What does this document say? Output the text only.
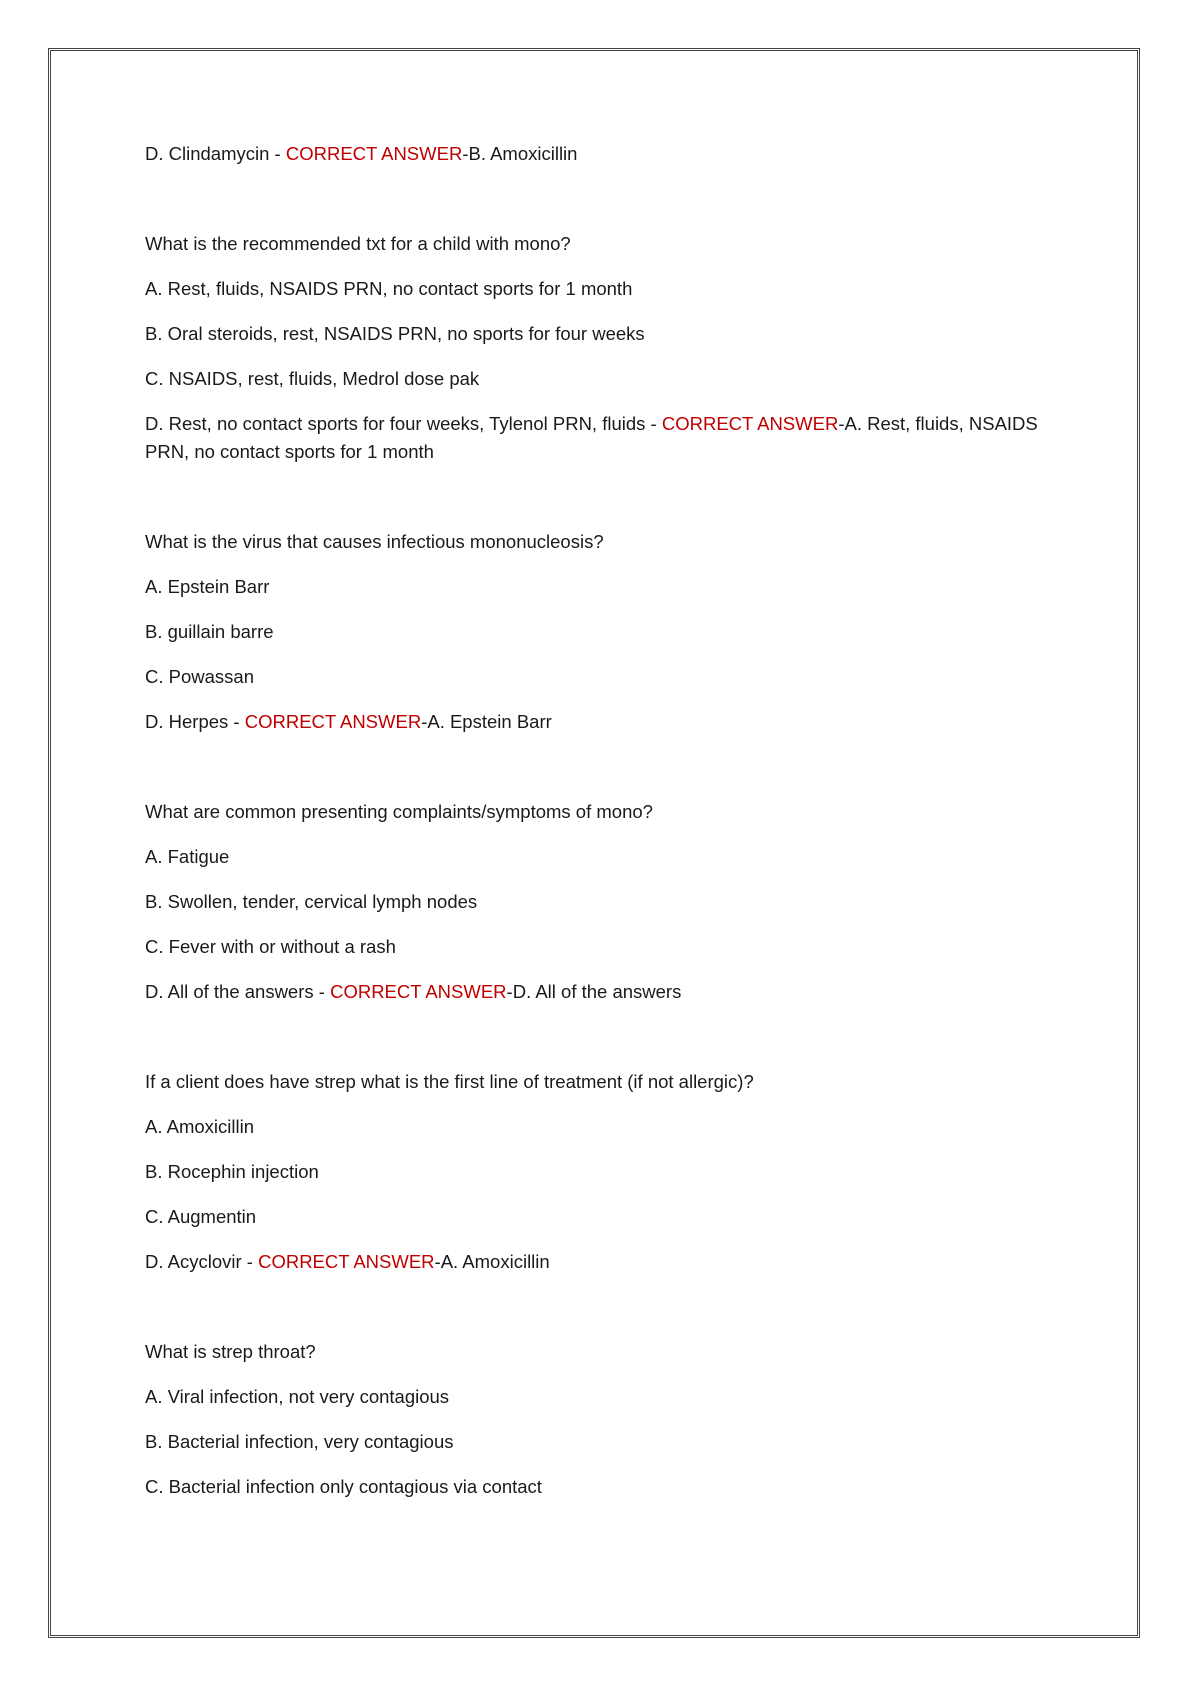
D. Clindamycin - CORRECT ANSWER-B. Amoxicillin

What is the recommended txt for a child with mono?

A. Rest, fluids, NSAIDS PRN, no contact sports for 1 month

B. Oral steroids, rest, NSAIDS PRN, no sports for four weeks

C. NSAIDS, rest, fluids, Medrol dose pak

D. Rest, no contact sports for four weeks, Tylenol PRN, fluids - CORRECT ANSWER-A. Rest, fluids, NSAIDS PRN, no contact sports for 1 month

What is the virus that causes infectious mononucleosis?

A. Epstein Barr

B. guillain barre

C. Powassan

D. Herpes - CORRECT ANSWER-A. Epstein Barr

What are common presenting complaints/symptoms of mono?

A. Fatigue

B. Swollen, tender, cervical lymph nodes

C. Fever with or without a rash

D. All of the answers - CORRECT ANSWER-D. All of the answers

If a client does have strep what is the first line of treatment (if not allergic)?

A. Amoxicillin

B. Rocephin injection

C. Augmentin

D. Acyclovir - CORRECT ANSWER-A. Amoxicillin

What is strep throat?

A. Viral infection, not very contagious

B. Bacterial infection, very contagious

C. Bacterial infection only contagious via contact
